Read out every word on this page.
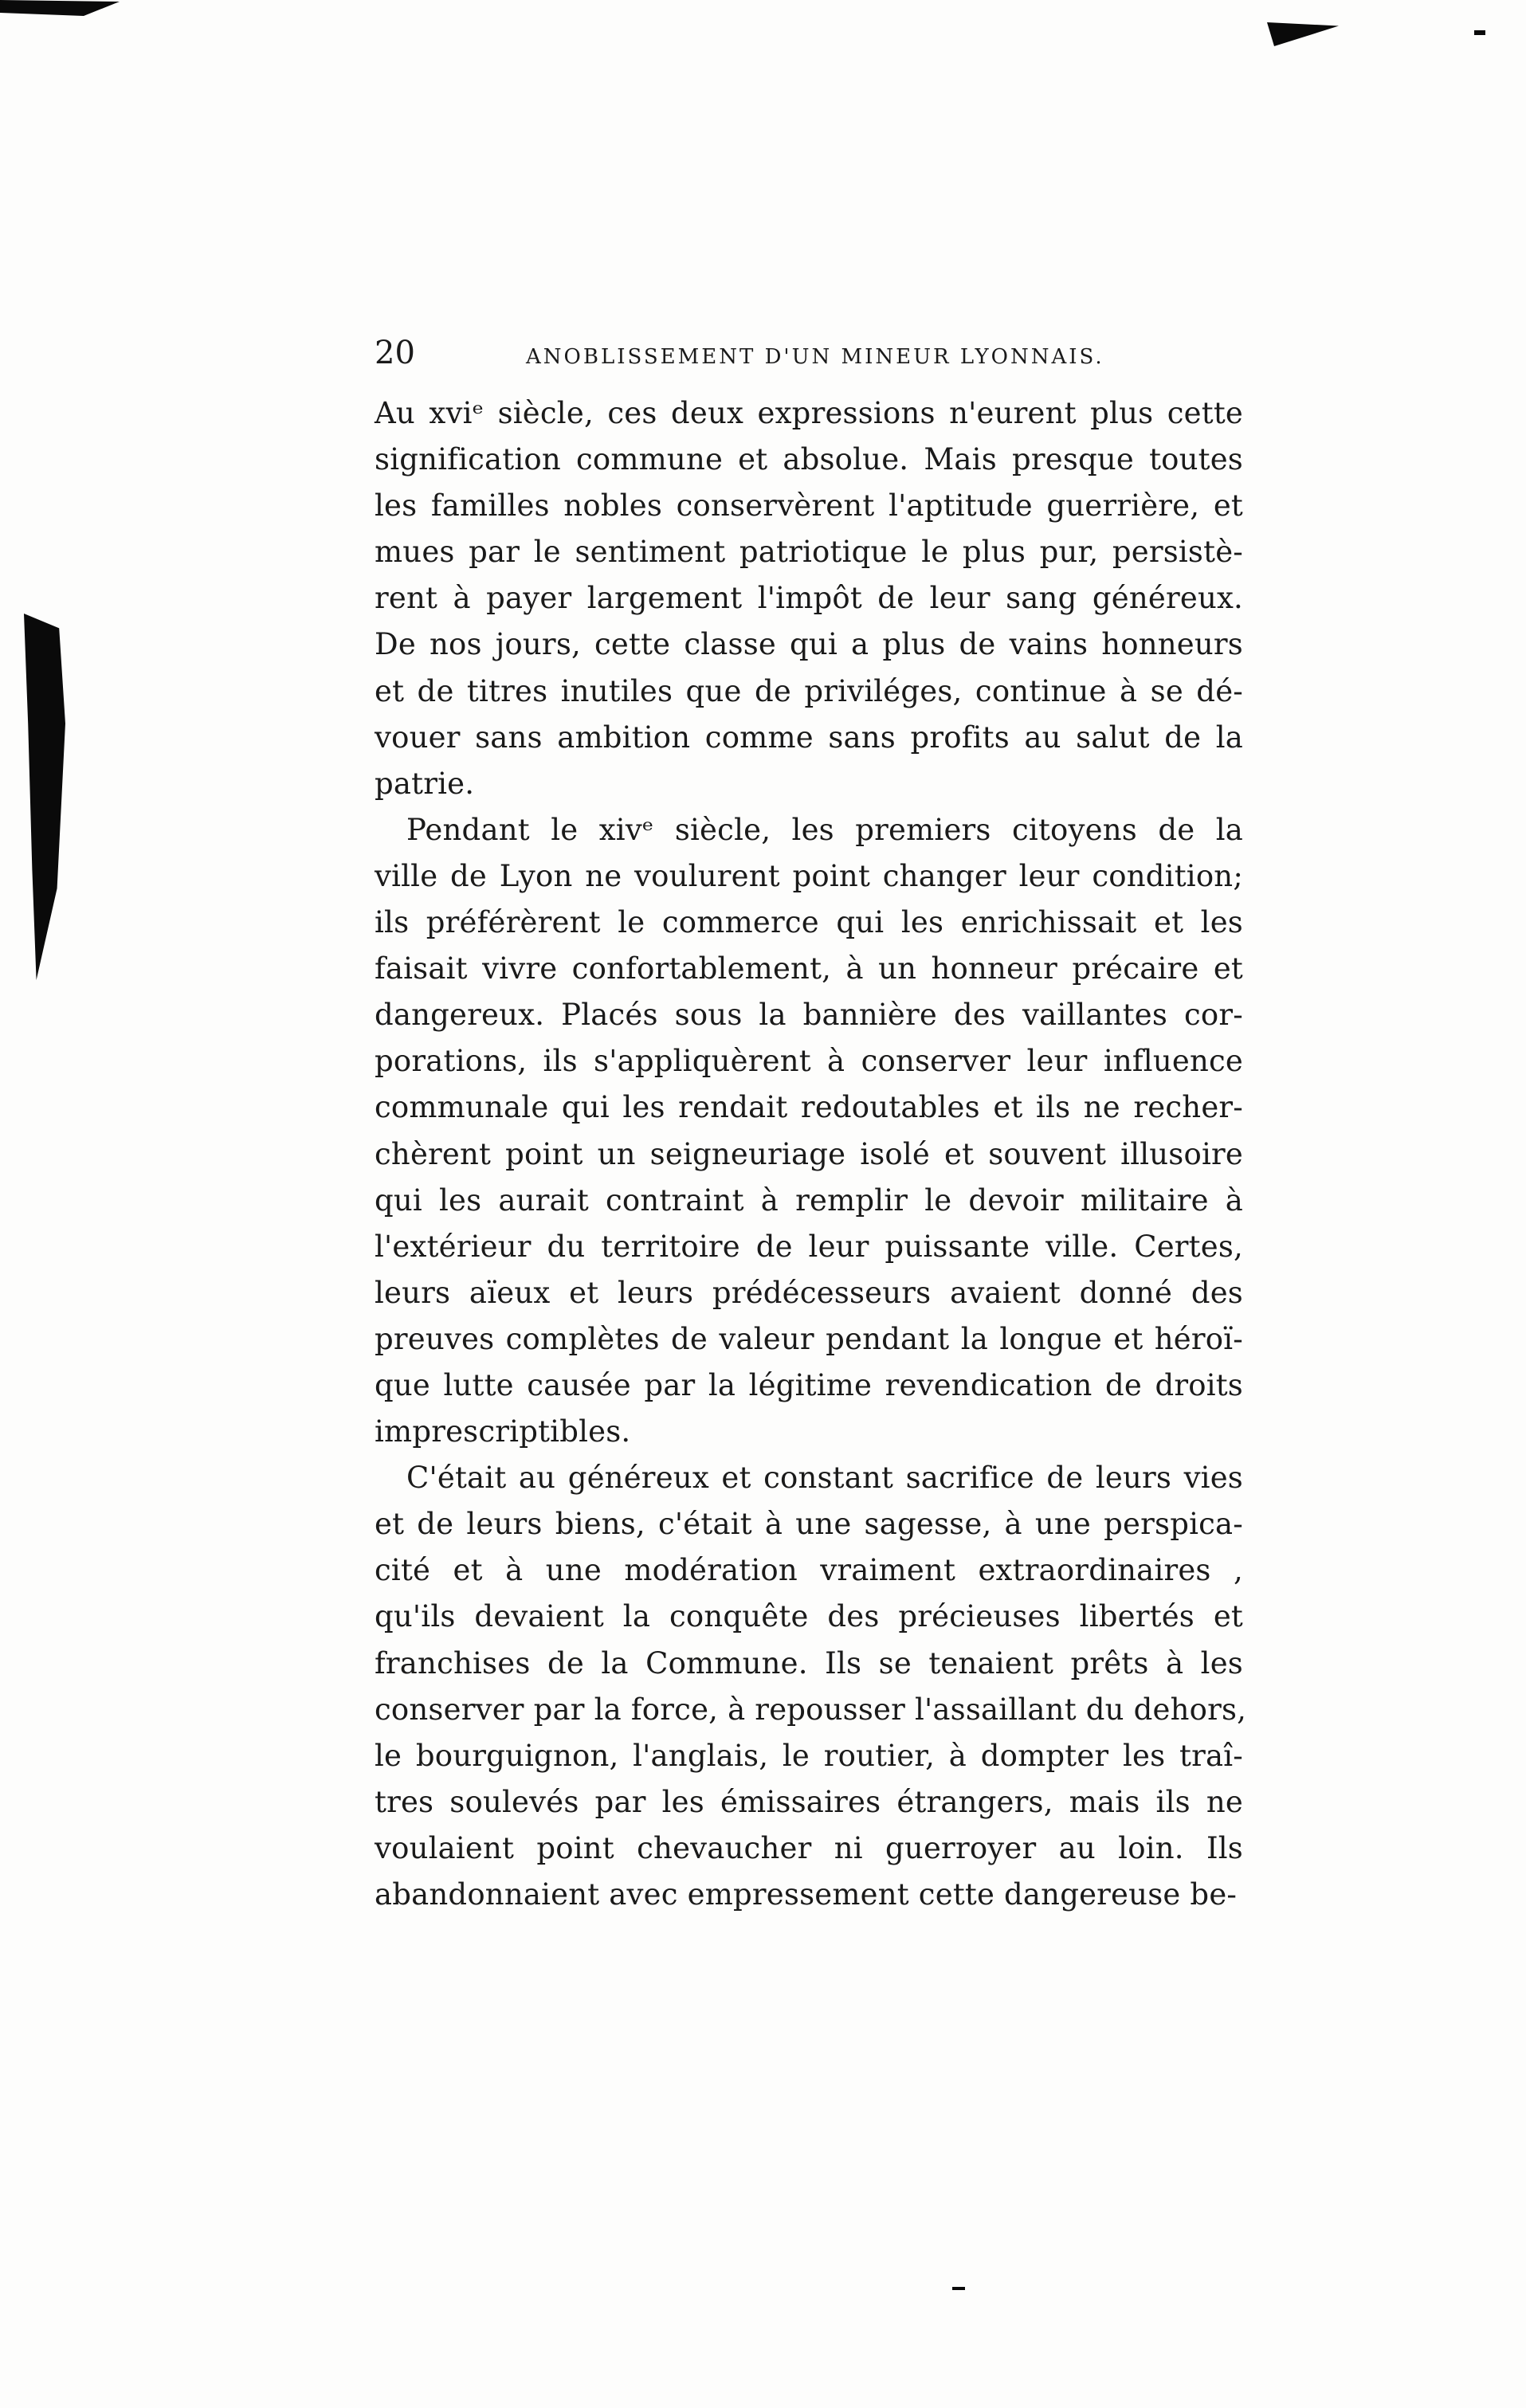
20	ANOBLISSEMENT D'UN MINEUR LYONNAIS.
Au xviᵉ siècle, ces deux expressions n'eurent plus cette
signification commune et absolue. Mais presque toutes
les familles nobles conservèrent l'aptitude guerrière, et
mues par le sentiment patriotique le plus pur, persistè-
rent à payer largement l'impôt de leur sang généreux.
De nos jours, cette classe qui a plus de vains honneurs
et de titres inutiles que de priviléges, continue à se dé-
vouer sans ambition comme sans profits au salut de la
patrie.
Pendant le xivᵉ siècle, les premiers citoyens de la
ville de Lyon ne voulurent point changer leur condition;
ils préférèrent le commerce qui les enrichissait et les
faisait vivre confortablement, à un honneur précaire et
dangereux. Placés sous la bannière des vaillantes cor-
porations, ils s'appliquèrent à conserver leur influence
communale qui les rendait redoutables et ils ne recher-
chèrent point un seigneuriage isolé et souvent illusoire
qui les aurait contraint à remplir le devoir militaire à
l'extérieur du territoire de leur puissante ville. Certes,
leurs aïeux et leurs prédécesseurs avaient donné des
preuves complètes de valeur pendant la longue et héroï-
que lutte causée par la légitime revendication de droits
imprescriptibles.
C'était au généreux et constant sacrifice de leurs vies
et de leurs biens, c'était à une sagesse, à une perspica-
cité et à une modération vraiment extraordinaires ,
qu'ils devaient la conquête des précieuses libertés et
franchises de la Commune. Ils se tenaient prêts à les
conserver par la force, à repousser l'assaillant du dehors,
le bourguignon, l'anglais, le routier, à dompter les traî-
tres soulevés par les émissaires étrangers, mais ils ne
voulaient point chevaucher ni guerroyer au loin. Ils
abandonnaient avec empressement cette dangereuse be-
